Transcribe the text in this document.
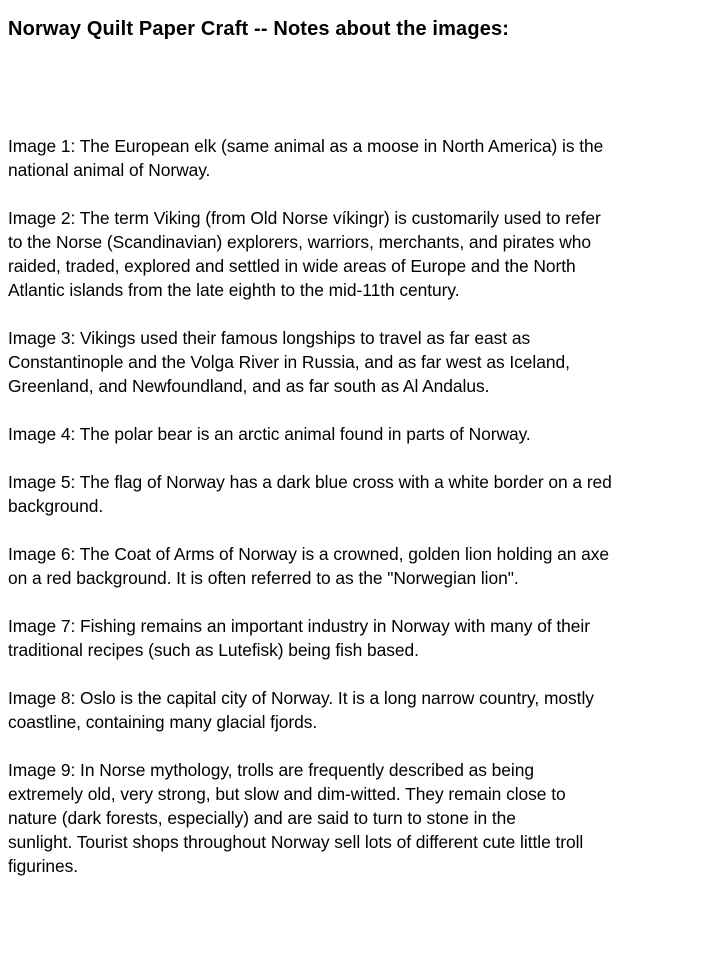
Norway Quilt Paper Craft -- Notes about the images:

Image 1: The European elk (same animal as a moose in North America) is the
national animal of Norway.

Image 2: The term Viking (from Old Norse víkingr) is customarily used to refer
to the Norse (Scandinavian) explorers, warriors, merchants, and pirates who
raided, traded, explored and settled in wide areas of Europe and the North
Atlantic islands from the late eighth to the mid-11th century.

Image 3: Vikings used their famous longships to travel as far east as
Constantinople and the Volga River in Russia, and as far west as Iceland,
Greenland, and Newfoundland, and as far south as Al Andalus.

Image 4: The polar bear is an arctic animal found in parts of Norway.

Image 5: The flag of Norway has a dark blue cross with a white border on a red
background.

Image 6: The Coat of Arms of Norway is a crowned, golden lion holding an axe
on a red background. It is often referred to as the "Norwegian lion".

Image 7: Fishing remains an important industry in Norway with many of their
traditional recipes (such as Lutefisk) being fish based.

Image 8: Oslo is the capital city of Norway. It is a long narrow country, mostly
coastline, containing many glacial fjords.

Image 9: In Norse mythology, trolls are frequently described as being
extremely old, very strong, but slow and dim-witted. They remain close to
nature (dark forests, especially) and are said to turn to stone in the
sunlight. Tourist shops throughout Norway sell lots of different cute little troll
figurines.
